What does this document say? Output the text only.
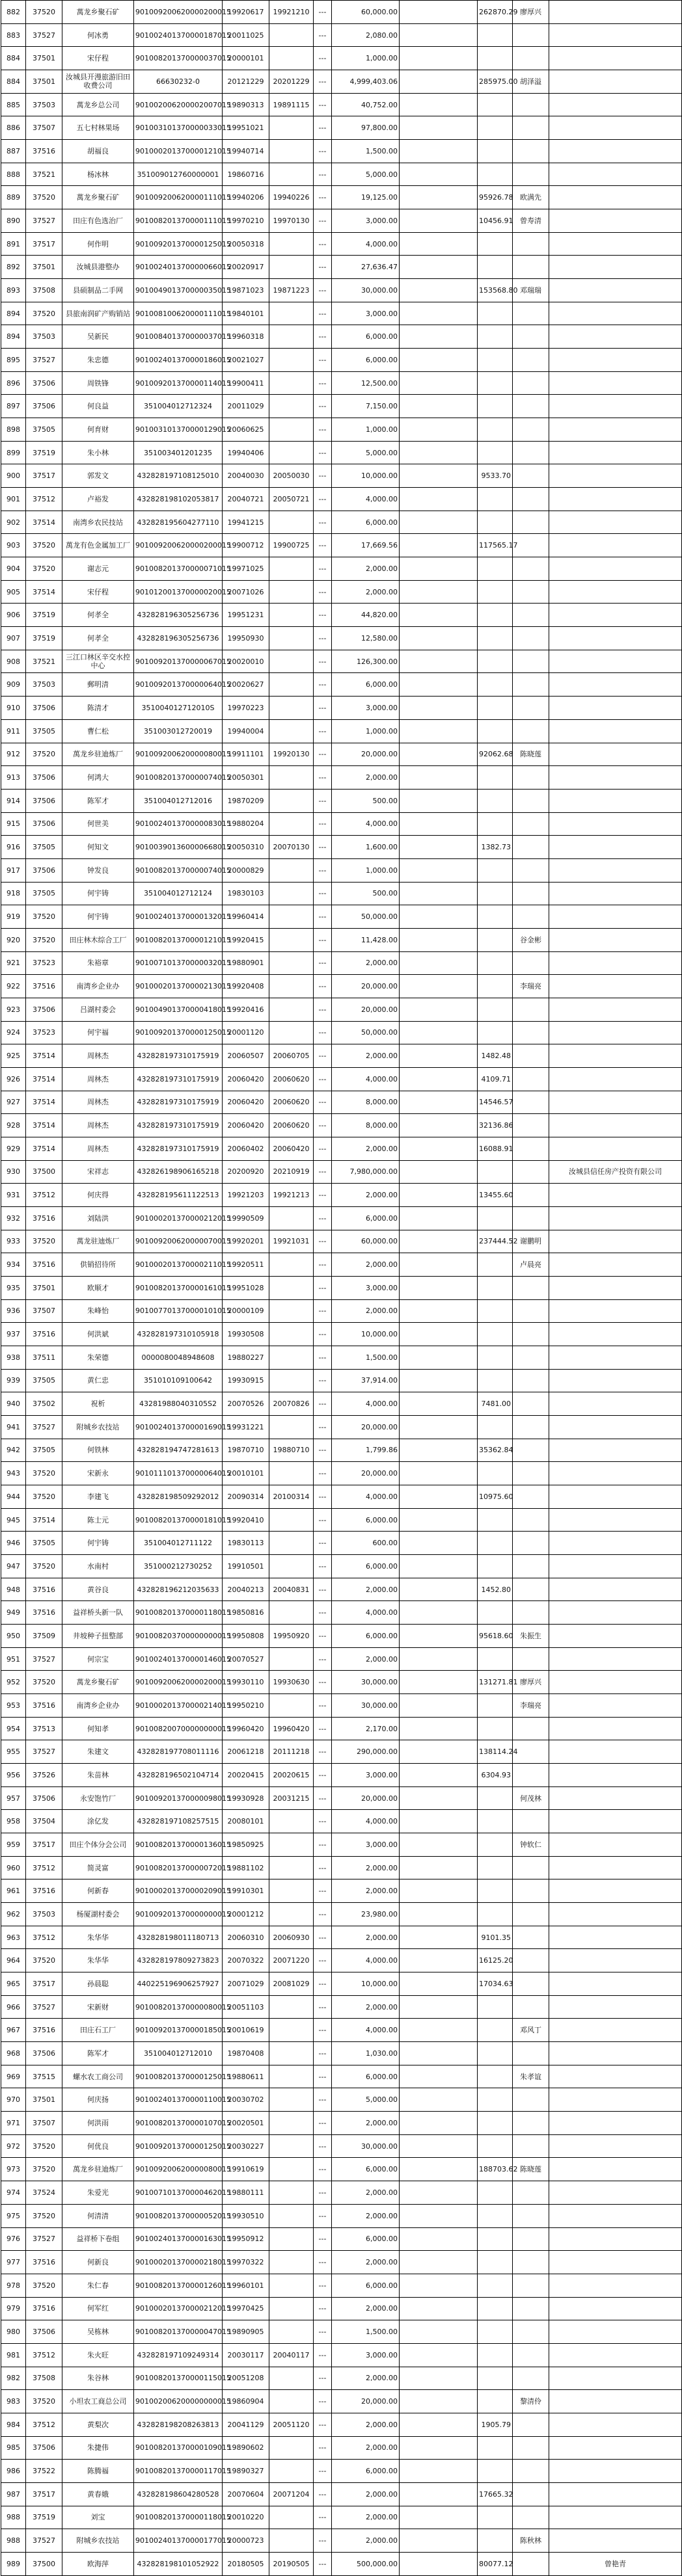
882	37520	萬龙乡聚石矿	901009200620000200015	19920617	19921210	---	60,000.00		262870.29	廖厚兴	
883	37527	何冰勇	901002401370000187015	20011025		---	2,080.00				
884	37501	宋仔程	901008201370000037015	20000101		---	1,000.00				
884	37501	汝城县开漫旅游旧田收费公司	66630232-0	20121229	20201229	---	4,999,403.06		285975.00	胡泽溢	
885	37503	萬龙乡总公司	901002006200002007015	19890313	19891115	---	40,752.00				
886	37507	五七村林果场	901003101370000033015	19951021		---	97,800.00				
887	37516	胡福良	901000201370000121015	19940714		---	1,500.00				
888	37521	杨冰林	351009012760000001	19860716		---	5,000.00				
889	37520	萬龙乡聚石矿	901009200620000111015	19940206	19940226	---	19,125.00		95926.78	欧满先	
890	37527	田庄有色选治厂	901008201370000111015	19970210	19970130	---	3,000.00		10456.91	曾寿清	
891	37517	何作明	901009201370000125015	20050318		---	4,000.00				
892	37501	汝城县港整办	901002401370000066015	20020917		---	27,636.47				
893	37508	县硕制品二手网	901004901370000035015	19871023	19871223	---	30,000.00		153568.80	邓瑞瑞	
894	37520	县旅南润矿产购销站	901008100620000111015	19840101		---	3,000.00				
894	37503	吴新民	901008401370000037015	19960318		---	6,000.00				
895	37527	朱忠德	901002401370000186015	20021027		---	6,000.00				
896	37506	周铁锋	901009201370000114015	19900411		---	12,500.00				
897	37506	何良益	351004012712324	20011029		---	7,150.00				
898	37505	何育财	901003101370000129015	20060625		---	1,000.00				
899	37519	朱小林	351003401201235	19940406		---	5,000.00				
900	37517	郭发文	432828197108125010	20040030	20050030	---	10,000.00		9533.70		
901	37512	卢裕发	432828198102053817	20040721	20050721	---	4,000.00				
902	37514	南湾乡农民技站	432828195604277110	19941215		---	6,000.00				
903	37520	萬龙有色金属加工厂	901009200620000200015	19900712	19900725	---	17,669.56		117565.17		
904	37520	谢志元	901008201370000071015	19971025		---	2,000.00				
905	37514	宋仔程	901012001370000020015	20071026		---	2,000.00				
906	37519	何孝全	432828196305256736	19951231		---	44,820.00				
907	37519	何孝全	432828196305256736	19950930		---	12,580.00				
908	37521	三江口林区辛交水控中心	901009201370000067015	20020010		---	126,300.00				
909	37503	郵明清	901009201370000064015	20020627		---	6,000.00				
910	37506	陈清才	351004012712010S	19970223		---	3,000.00				
911	37505	曹仁松	351003012720019	19940004		---	1,000.00				
912	37520	萬龙乡驻迪炼厂	901009200620000080015	19911101	19920130	---	20,000.00		92062.68	陈晓莲	
913	37506	何鸿大	901008201370000074015	20050301		---	2,000.00				
914	37506	陈军才	351004012712016	19870209		---	500.00				
915	37506	何世美	901002401370000083015	19880204		---	4,000.00				
916	37505	何知文	901003901360000668015	20050310	20070130	---	1,600.00		1382.73		
917	37506	钟发良	901008201370000074015	20000829		---	1,000.00				
918	37505	何宇铸	351004012712124	19830103		---	500.00				
919	37520	何宇铸	901002401370000132015	19960414		---	50,000.00				
920	37520	田庄林木综合工厂	901008201370000121015	19920415		---	11,428.00			谷金彬	
921	37523	朱裕章	901007101370000032015	19880901		---	2,000.00				
922	37516	南湾乡企业办	901000201370000213015	19920408		---	20,000.00			李瑞亮	
923	37506	吕湖村委会	901004901370000418015	19920416		---	20,000.00				
924	37523	何宇福	901009201370000125015	20001120		---	50,000.00				
925	37514	周林杰	432828197310175919	20060507	20060705	---	2,000.00		1482.48		
926	37514	周林杰	432828197310175919	20060420	20060620	---	4,000.00		4109.71		
927	37514	周林杰	432828197310175919	20060420	20060620	---	8,000.00		14546.57		
928	37514	周林杰	432828197310175919	20060420	20060620	---	8,000.00		32136.86		
929	37514	周林杰	432828197310175919	20060402	20060420	---	2,000.00		16088.91		
930	37500	宋祥志	432826198906165218	20200920	20210919	---	7,980,000.00				汝城县信任房产投资有限公司
931	37512	何庆得	432828195611122513	19921203	19921213	---	2,000.00		13455.60		
932	37516	刘陆洪	901000201370000212015	19990509		---	6,000.00				
933	37520	萬龙驻迪炼厂	901009200620000070015	19920201	19921031	---	60,000.00		237444.52	谢鹏明	
934	37516	供销招待所	901000201370000211015	19920511		---	2,000.00			卢晨亮	
935	37501	欧顺才	901008201370000161015	19951028		---	3,000.00				
936	37507	朱峰怡	901007701370000101015	20000109		---	2,000.00				
937	37516	何洪斌	432828197310105918	19930508		---	10,000.00				
938	37511	朱荣德	0000080048948608	19880227		---	1,500.00				
939	37505	黄仁忠	351010109100642	19930915		---	37,914.00				
940	37502	祝析	432819880403105S2	20070526	20070826	---	4,000.00		7481.00		
941	37527	附城乡农技站	901002401370000169015	19931221		---	20,000.00				
942	37505	何铁林	432828194747281613	19870710	19880710	---	1,799.86		35362.84		
943	37520	宋新永	901011101370000064015	20010101		---	20,000.00				
944	37520	李建飞	432828198509292012	20090314	20100314	---	4,000.00		10975.60		
945	37514	陈士元	901008201370000181015	19920410		---	6,000.00				
946	37505	何宇铸	351004012711122	19830113		---	600.00				
947	37520	水南村	351000212730252	19910501		---	6,000.00				
948	37516	黄谷良	432828196212035633	20040213	20040831	---	2,000.00		1452.80		
949	37516	益祥桥头新一队	901008201370000118015	19850816		---	4,000.00				
950	37509	井坡种子扭整部	901008203700000000015	19950808	19950920	---	6,000.00		95618.60	朱振生	
951	37527	何宗宝	901002401370000146015	20070527		---	2,000.00				
952	37520	萬龙乡聚石矿	901009200620000200015	19930110	19930630	---	30,000.00		131271.81	廖厚兴	
953	37516	南湾乡企业办	901000201370000214015	19950210		---	30,000.00			李瑞亮	
954	37513	何知孝	901008200700000000015	19960420	19960420	---	2,170.00				
955	37527	朱建文	432828197708011116	20061218	20111218	---	290,000.00		138114.24		
956	37526	朱苗林	432828196502104714	20020415	20020615	---	3,000.00		6304.93		
957	37506	永安饱竹厂	901009201370000098015	19930928	20031215	---	20,000.00			何茂林	
958	37504	涂亿发	432828197108257515	20080101		---	4,000.00				
959	37517	田庄个体分会公司	901008201370000136015	19850925		---	3,000.00			钟软仁	
960	37512	简灵富	901008201370000072015	19881102		---	2,000.00				
961	37516	何新春	901000201370000209015	19910301		---	2,000.00				
962	37503	杨厦湖村委会	901009201370000000015	20001212		---	23,980.00				
963	37512	朱华华	432828198011180713	20060310	20060930	---	2,000.00		9101.35		
964	37520	朱华华	432828197809273823	20070322	20071220	---	4,000.00		16125.20		
965	37517	孙晨聪	440225196906257927	20071029	20081029	---	10,000.00		17034.63		
966	37527	宋新财	901008201370000080015	20051103		---	2,000.00				
967	37516	田庄石工厂	901009201370000185015	20010619		---	4,000.00			邓风丁	
968	37506	陈军才	351004012712010	19870408		---	1,030.00				
969	37515	螺水农工商公司	901008201370000125015	19880611		---	6,000.00			朱孝谊	
970	37501	何庆扬	901002401370000110015	20030702		---	5,000.00				
971	37507	何洪雨	901008201370000107015	20020501		---	2,000.00				
972	37520	何优良	901009201370000125015	20030227		---	30,000.00				
973	37520	萬龙乡驻迪炼厂	901009200620000080015	19910619		---	6,000.00		188703.62	陈晓莲	
974	37524	朱爱光	901007101370000462015	19880111		---	2,000.00				
975	37520	何清清	901008201370000052015	19930510		---	2,000.00				
976	37527	益祥桥下卷组	901002401370000163015	19950912		---	6,000.00				
977	37516	何新良	901000201370000218015	19970322		---	2,000.00				
978	37520	朱仁春	901008201370000126015	19960101		---	6,000.00				
979	37516	何军红	901000201370000212015	19970425		---	2,000.00				
980	37506	吴栋林	901008201370000047015	19890905		---	1,500.00				
981	37512	朱火旺	432828197109249314	20030117	20040117	---	3,000.00				
982	37508	朱谷林	901008201370000115015	20051208		---	2,000.00				
983	37520	小坦农工商总公司	901002006200000000015	19860904		---	20,000.00			黎清伶	
984	37512	黄梨次	432828198208263813	20041129	20051120	---	2,000.00		1905.79		
985	37506	朱捷伟	901008201370000109015	19890602		---	2,000.00				
986	37522	陈腾福	901008201370000117015	19890327		---	6,000.00				
987	37517	黄春娥	432828198604280528	20070604	20071204	---	2,000.00		17665.32		
988	37519	刘宝	901008201370000118015	20010220		---	2,000.00				
988	37527	附城乡农技站	901002401370000177015	20000723		---	2,000.00			陈秋林	
989	37500	欧海萍	432828198101052922	20180505	20190505	---	500,000.00		80077.12		曾艳青
